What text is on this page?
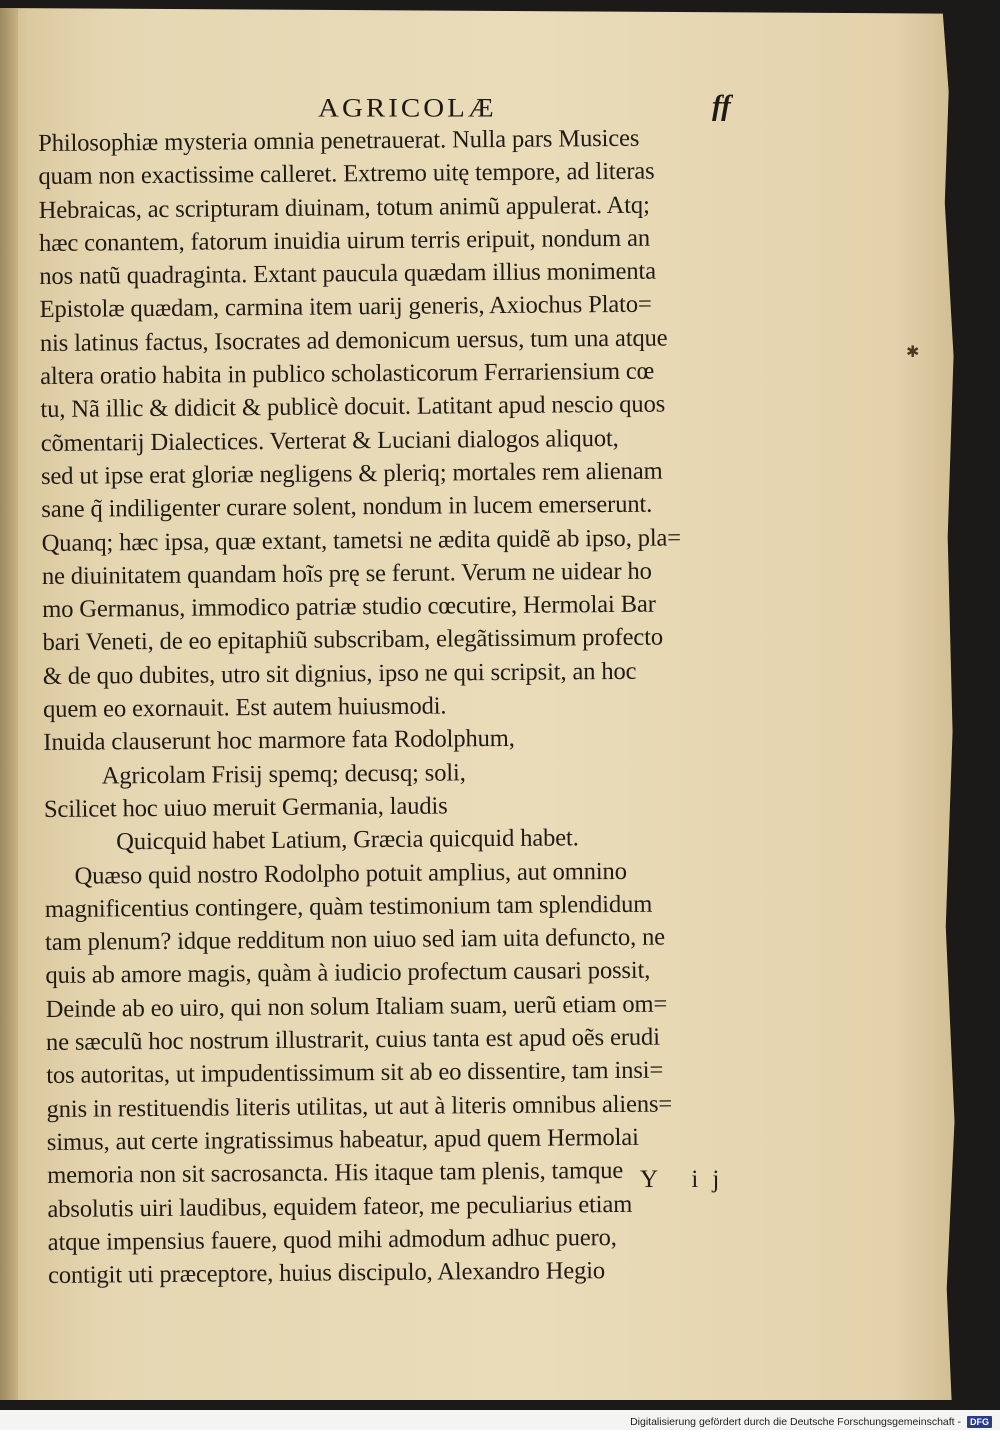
AGRICOLÆ	ff
Philosophiæ mysteria omnia penetrauerat. Nulla pars Musices
quam non exactissime calleret. Extremo uitę tempore, ad literas
Hebraicas, ac scripturam diuinam, totum animũ appulerat. Atq;
hæc conantem, fatorum inuidia uirum terris eripuit, nondum an
nos natũ quadraginta. Extant paucula quædam illius monimenta
Epistolæ quædam, carmina item uarij generis, Axiochus Plato=
nis latinus factus, Isocrates ad demonicum uersus, tum una atque
altera oratio habita in publico scholasticorum Ferrariensium cœ
tu, Nã illic & didicit & publicè docuit. Latitant apud nescio quos
cõmentarij Dialectices. Verterat & Luciani dialogos aliquot,
sed ut ipse erat gloriæ negligens & pleriq; mortales rem alienam
sane q̃ indiligenter curare solent, nondum in lucem emerserunt.
Quanq; hæc ipsa, quæ extant, tametsi ne ædita quidẽ ab ipso, pla=
ne diuinitatem quandam hoĩs prę se ferunt. Verum ne uidear ho
mo Germanus, immodico patriæ studio cœcutire, Hermolai Bar
bari Veneti, de eo epitaphiũ subscribam, elegãtissimum profecto
& de quo dubites, utro sit dignius, ipso ne qui scripsit, an hoc
quem eo exornauit. Est autem huiusmodi.
Inuida clauserunt hoc marmore fata Rodolphum,
Agricolam Frisij spemq; decusq; soli,
Scilicet hoc uiuo meruit Germania, laudis
Quicquid habet Latium, Græcia quicquid habet.
Quæso quid nostro Rodolpho potuit amplius, aut omnino
magnificentius contingere, quàm testimonium tam splendidum
tam plenum? idque redditum non uiuo sed iam uita defuncto, ne
quis ab amore magis, quàm à iudicio profectum causari possit,
Deinde ab eo uiro, qui non solum Italiam suam, uerũ etiam om=
ne sæculũ hoc nostrum illustrarit, cuius tanta est apud oẽs erudi
tos autoritas, ut impudentissimum sit ab eo dissentire, tam insi=
gnis in restituendis literis utilitas, ut aut à literis omnibus aliens=
simus, aut certe ingratissimus habeatur, apud quem Hermolai
memoria non sit sacrosancta. His itaque tam plenis, tamque
absolutis uiri laudibus, equidem fateor, me peculiarius etiam
atque impensius fauere, quod mihi admodum adhuc puero,
contigit uti præceptore, huius discipulo, Alexandro Hegio
✱
Y ij
Digitalisierung gefördert durch die Deutsche Forschungsgemeinschaft -	DFG
